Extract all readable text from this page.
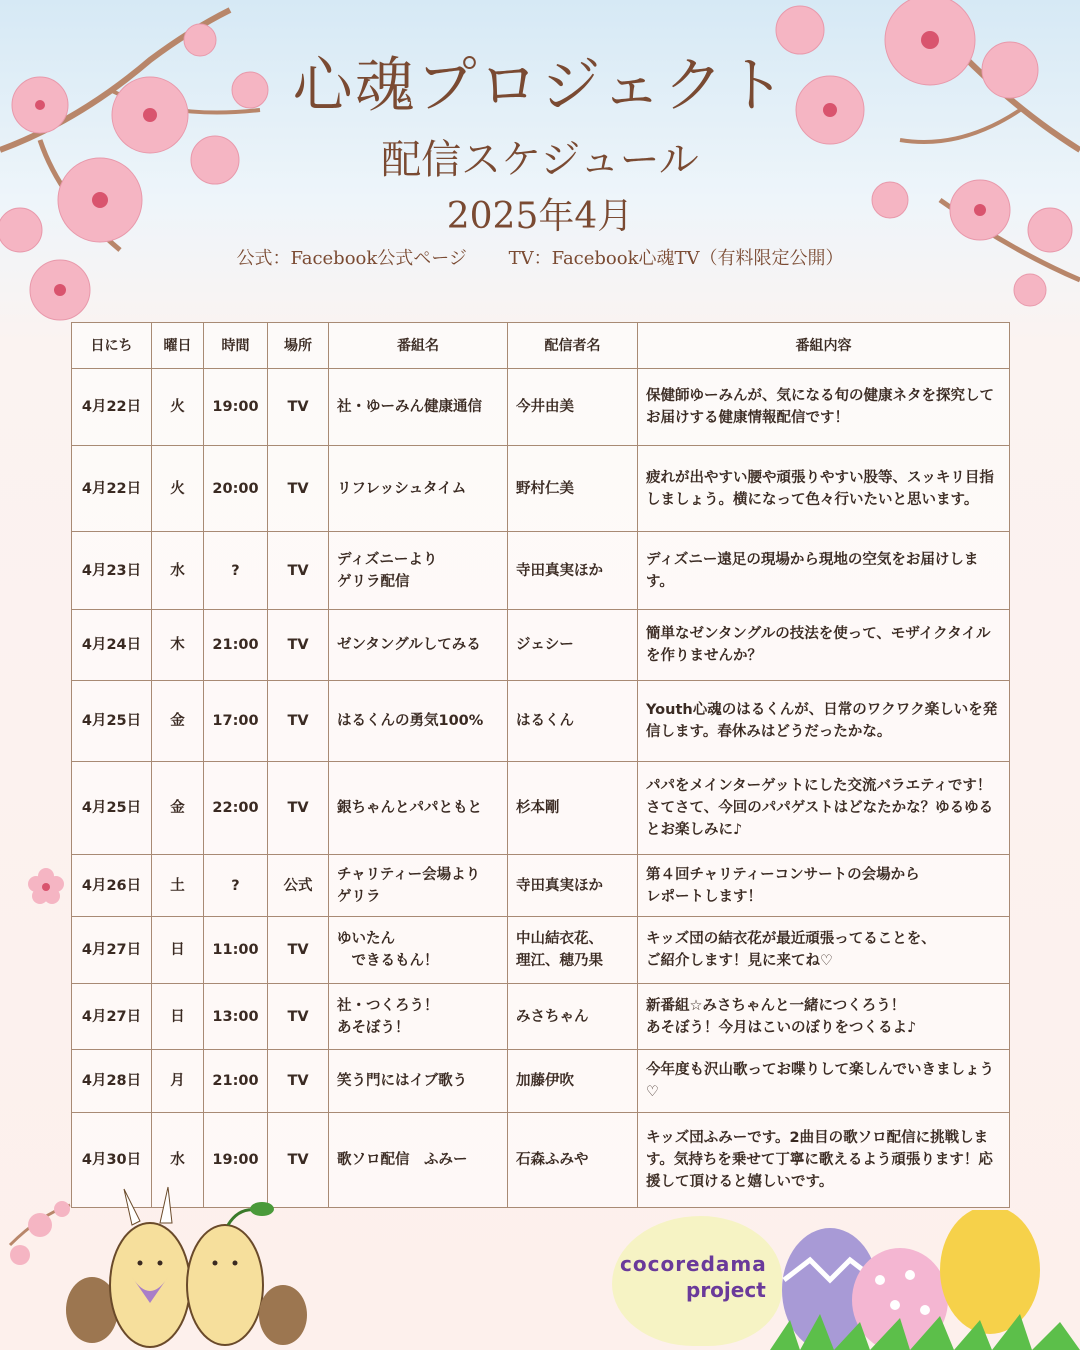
心魂プロジェクト
配信スケジュール
2025年4月
公式：Facebook公式ページ TV：Facebook心魂TV（有料限定公開）
日にち	曜日	時間	場所	番組名	配信者名	番組内容
4月22日	火	19:00	TV	社・ゆーみん健康通信	今井由美	保健師ゆーみんが、気になる旬の健康ネタを探究してお届けする健康情報配信です！
4月22日	火	20:00	TV	リフレッシュタイム	野村仁美	疲れが出やすい腰や頑張りやすい股等、スッキリ目指しましょう。横になって色々行いたいと思います。
4月23日	水	?	TV	ディズニーより
ゲリラ配信	寺田真実ほか	ディズニー遠足の現場から現地の空気をお届けします。
4月24日	木	21:00	TV	ゼンタングルしてみる	ジェシー	簡単なゼンタングルの技法を使って、モザイクタイルを作りませんか？
4月25日	金	17:00	TV	はるくんの勇気100%	はるくん	Youth心魂のはるくんが、日常のワクワク楽しいを発信します。春休みはどうだったかな。
4月25日	金	22:00	TV	銀ちゃんとパパともと	杉本剛	パパをメインターゲットにした交流バラエティです！さてさて、今回のパパゲストはどなたかな？ゆるゆるとお楽しみに♪
4月26日	土	?	公式	チャリティー会場より
ゲリラ	寺田真実ほか	第４回チャリティーコンサートの会場から
レポートします！
4月27日	日	11:00	TV	ゆいたん
　できるもん！	中山結衣花、
理江、穂乃果	キッズ団の結衣花が最近頑張ってることを、
ご紹介します！見に来てね♡
4月27日	日	13:00	TV	社・つくろう！
あそぼう！	みさちゃん	新番組☆みさちゃんと一緒につくろう！
あそぼう！今月はこいのぼりをつくるよ♪
4月28日	月	21:00	TV	笑う門にはイブ歌う	加藤伊吹	今年度も沢山歌ってお喋りして楽しんでいきましょう♡
4月30日	水	19:00	TV	歌ソロ配信　ふみー	石森ふみや	キッズ団ふみーです。2曲目の歌ソロ配信に挑戦します。気持ちを乗せて丁寧に歌えるよう頑張ります！応援して頂けると嬉しいです。
cocoredama
project
